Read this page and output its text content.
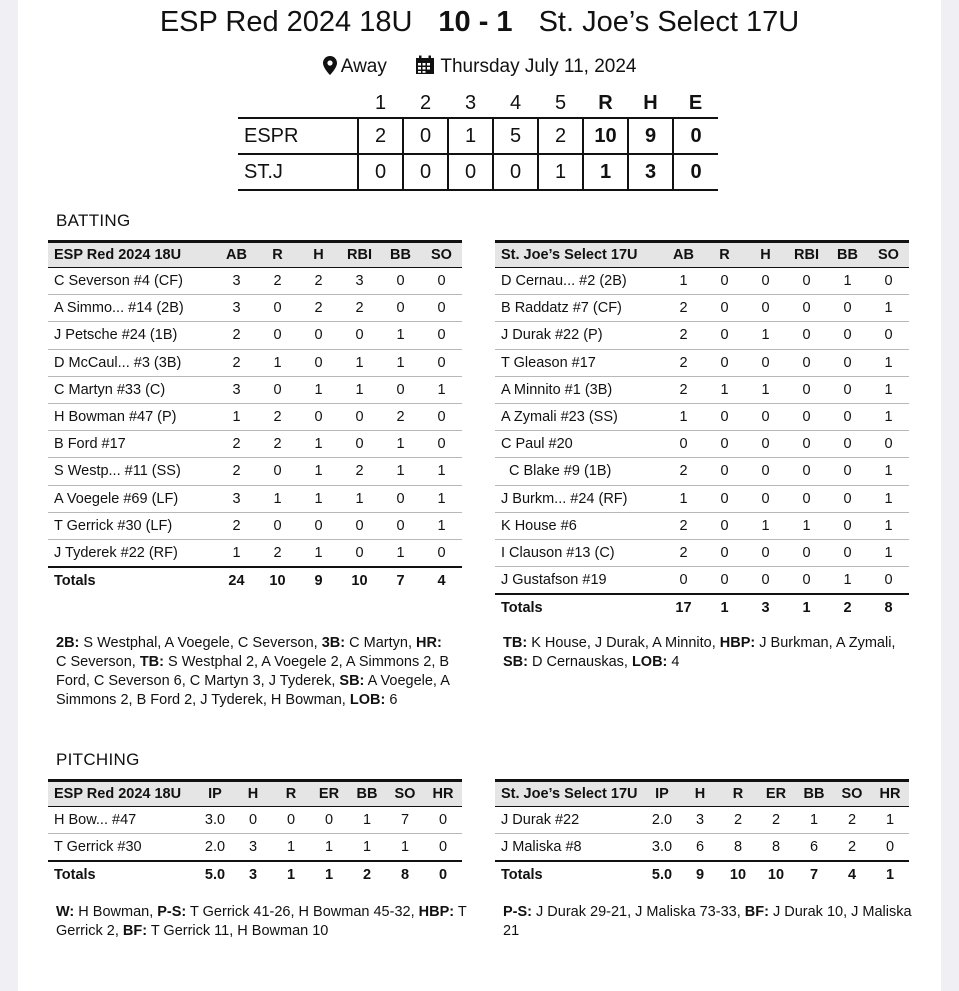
ESP Red 2024 18U 10 - 1 St. Joe’s Select 17U
Away	Thursday July 11, 2024
	1	2	3	4	5	R	H	E
ESPR	2	0	1	5	2	10	9	0
ST.J	0	0	0	0	1	1	3	0
BATTING
ESP Red 2024 18U	AB	R	H	RBI	BB	SO
C Severson #4 (CF)	3	2	2	3	0	0
A Simmo... #14 (2B)	3	0	2	2	0	0
J Petsche #24 (1B)	2	0	0	0	1	0
D McCaul... #3 (3B)	2	1	0	1	1	0
C Martyn #33 (C)	3	0	1	1	0	1
H Bowman #47 (P)	1	2	0	0	2	0
B Ford #17	2	2	1	0	1	0
S Westp... #11 (SS)	2	0	1	2	1	1
A Voegele #69 (LF)	3	1	1	1	0	1
T Gerrick #30 (LF)	2	0	0	0	0	1
J Tyderek #22 (RF)	1	2	1	0	1	0
Totals	24	10	9	10	7	4
St. Joe’s Select 17U	AB	R	H	RBI	BB	SO
D Cernau... #2 (2B)	1	0	0	0	1	0
B Raddatz #7 (CF)	2	0	0	0	0	1
J Durak #22 (P)	2	0	1	0	0	0
T Gleason #17	2	0	0	0	0	1
A Minnito #1 (3B)	2	1	1	0	0	1
A Zymali #23 (SS)	1	0	0	0	0	1
C Paul #20	0	0	0	0	0	0
C Blake #9 (1B)	2	0	0	0	0	1
J Burkm... #24 (RF)	1	0	0	0	0	1
K House #6	2	0	1	1	0	1
I Clauson #13 (C)	2	0	0	0	0	1
J Gustafson #19	0	0	0	0	1	0
Totals	17	1	3	1	2	8
2B: S Westphal, A Voegele, C Severson, 3B: C Martyn, HR: C Severson, TB: S Westphal 2, A Voegele 2, A Simmons 2, B Ford, C Severson 6, C Martyn 3, J Tyderek, SB: A Voegele, A Simmons 2, B Ford 2, J Tyderek, H Bowman, LOB: 6
TB: K House, J Durak, A Minnito, HBP: J Burkman, A Zymali, SB: D Cernauskas, LOB: 4
PITCHING
ESP Red 2024 18U	IP	H	R	ER	BB	SO	HR
H Bow... #47	3.0	0	0	0	1	7	0
T Gerrick #30	2.0	3	1	1	1	1	0
Totals	5.0	3	1	1	2	8	0
St. Joe’s Select 17U	IP	H	R	ER	BB	SO	HR
J Durak #22	2.0	3	2	2	1	2	1
J Maliska #8	3.0	6	8	8	6	2	0
Totals	5.0	9	10	10	7	4	1
W: H Bowman, P-S: T Gerrick 41-26, H Bowman 45-32, HBP: T Gerrick 2, BF: T Gerrick 11, H Bowman 10
P-S: J Durak 29-21, J Maliska 73-33, BF: J Durak 10, J Maliska 21
